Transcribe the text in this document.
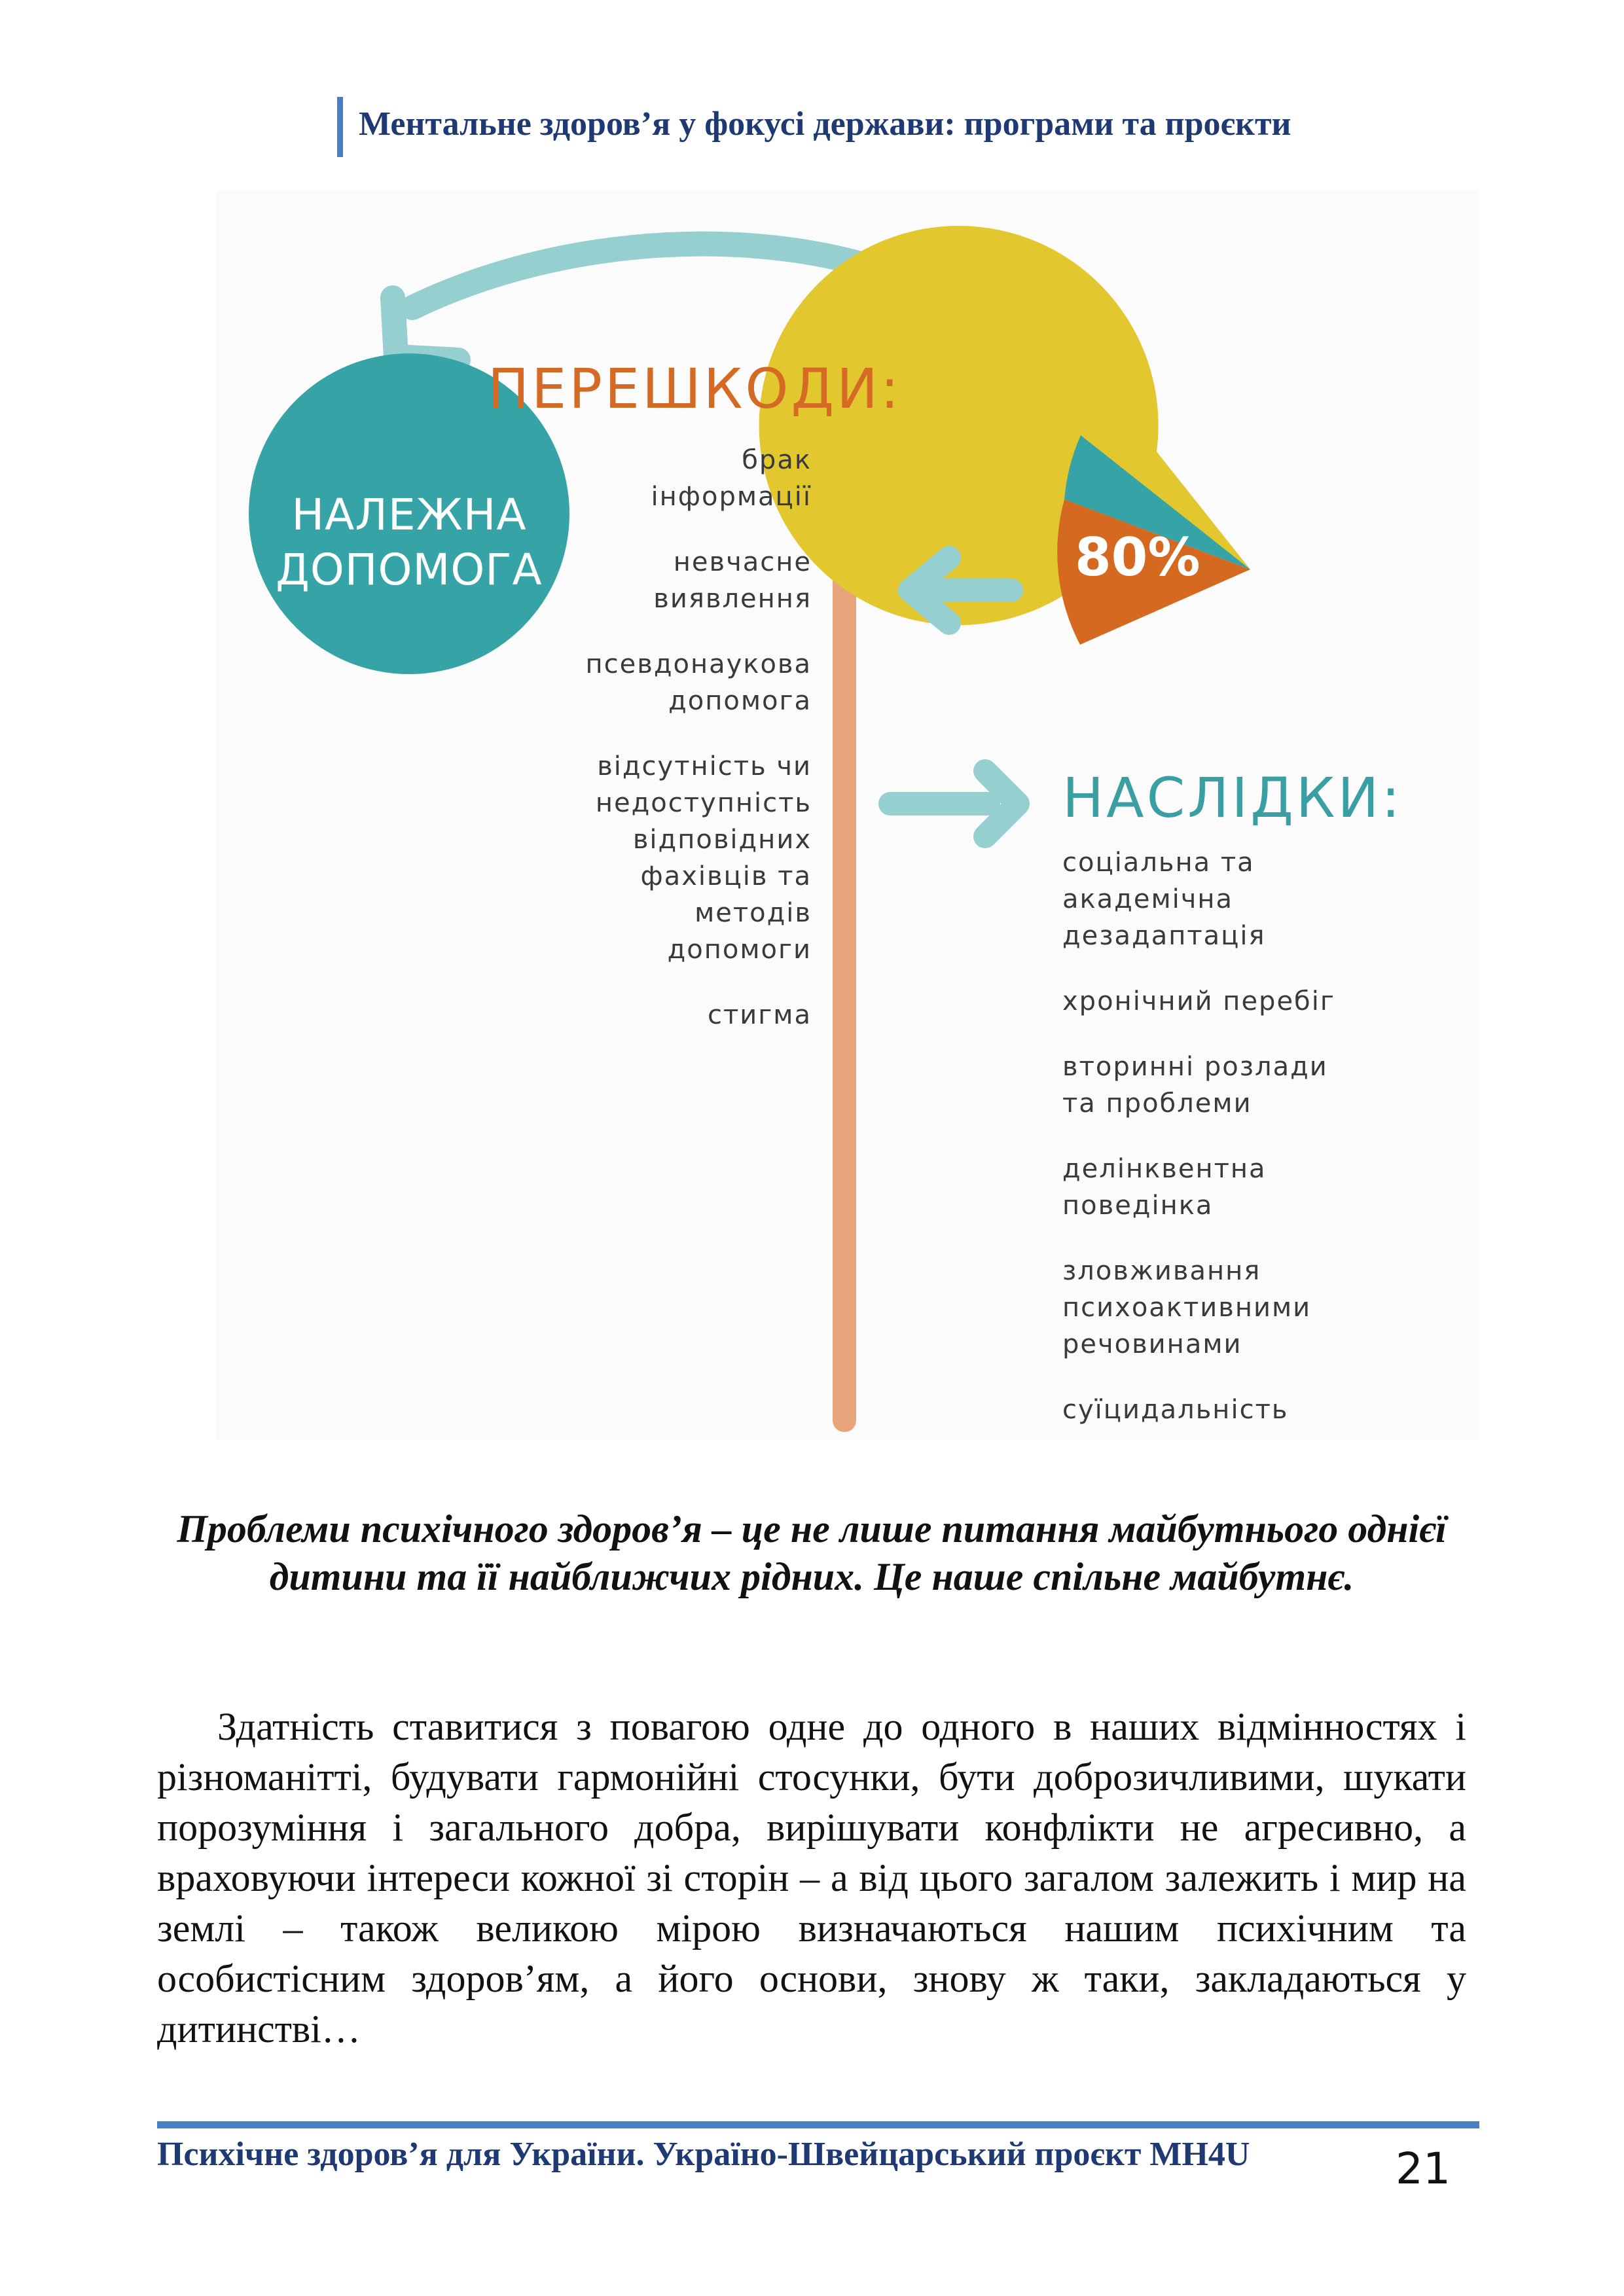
Ментальне здоров’я у фокусі держави: програми та проєкти
НАЛЕЖНА
ДОПОМОГА	80%
ПЕРЕШКОДИ:
брак
інформації
невчасне
виявлення
псевдонаукова
допомога
відсутність чи
недоступність
відповідних
фахівців та
методів
допомоги
стигма
НАСЛІДКИ:
соціальна та
академічна
дезадаптація
хронічний перебіг
вторинні розлади
та проблеми
делінквентна
поведінка
зловживання
психоактивними
речовинами
суїцидальність
Проблеми психічного здоров’я – це не лише питання майбутнього однієї дитини та її найближчих рідних. Це наше спільне майбутнє.
Здатність ставитися з повагою одне до одного в наших відмінностях і різноманітті, будувати гармонійні стосунки, бути доброзичливими, шукати порозуміння і загального добра, вирішувати конфлікти не агресивно, а враховуючи інтереси кожної зі сторін – а від цього загалом залежить і мир на землі – також великою мірою визначаються нашим психічним та особистісним здоров’ям, а його основи, знову ж таки, закладаються у дитинстві…
Психічне здоров’я для України. Україно-Швейцарський проєкт MH4U	21
